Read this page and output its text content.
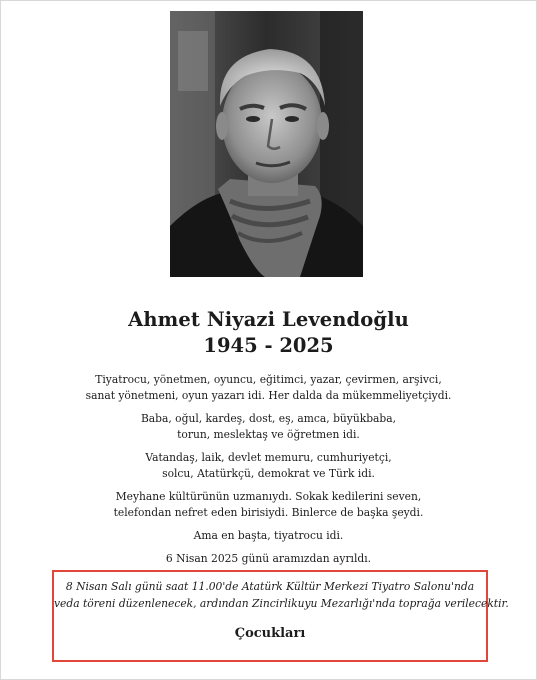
Ahmet Niyazi Levendoğlu
1945 - 2025
Tiyatrocu, yönetmen, oyuncu, eğitimci, yazar, çevirmen, arşivci,
sanat yönetmeni, oyun yazarı idi. Her dalda da mükemmeliyetçiydi.
Baba, oğul, kardeş, dost, eş, amca, büyükbaba,
torun, meslektaş ve öğretmen idi.
Vatandaş, laik, devlet memuru, cumhuriyetçi,
solcu, Atatürkçü, demokrat ve Türk idi.
Meyhane kültürünün uzmanıydı. Sokak kedilerini seven,
telefondan nefret eden birisiydi. Binlerce de başka şeydi.
Ama en başta, tiyatrocu idi.
6 Nisan 2025 günü aramızdan ayrıldı.
8 Nisan Salı günü saat 11.00'de Atatürk Kültür Merkezi Tiyatro Salonu'nda
veda töreni düzenlenecek, ardından Zincirlikuyu Mezarlığı'nda toprağa verilecektir.
Çocukları
